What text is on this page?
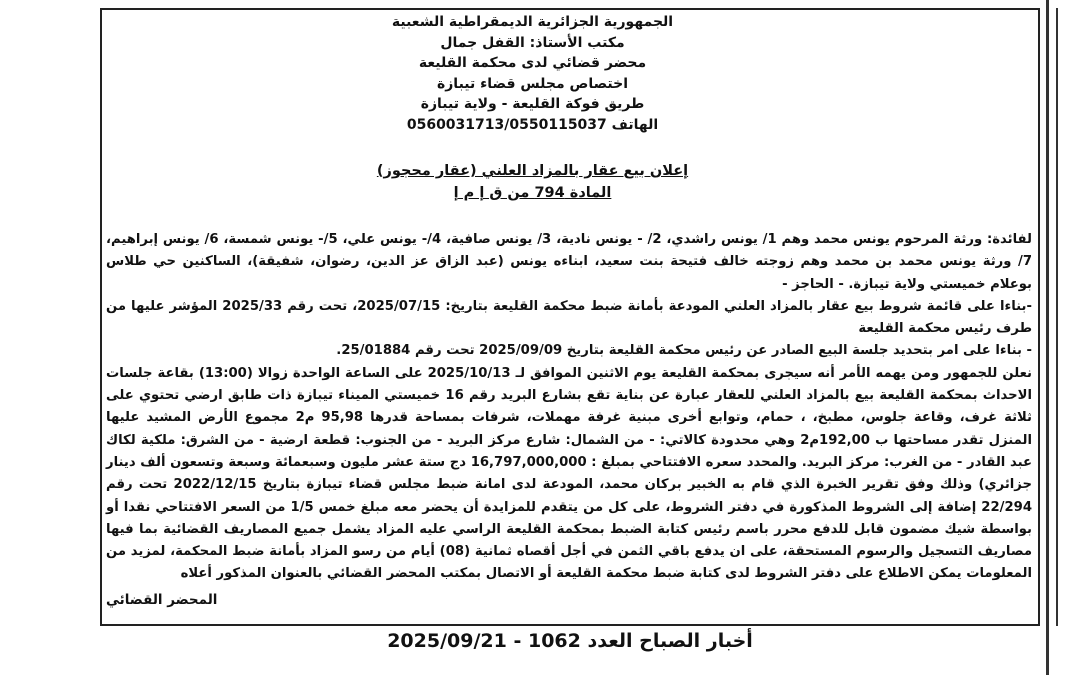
الجمهورية الجزائرية الديمقراطية الشعبية
مكتب الأستاذ: القفل جمال
محضر قضائي لدى محكمة القليعة
اختصاص مجلس قضاء تيبازة
طريق فوكة القليعة - ولاية تيبازة
الهاتف 0560031713/0550115037
إعلان بيع عقار بالمزاد العلني (عقار محجوز)
المادة 794 من ق إ م إ

لفائدة: ورثة المرحوم يونس محمد وهم 1/ يونس راشدي، 2/ - يونس نادية، 3/ يونس صافية، 4/- يونس علي، 5/- يونس شمسة، 6/ يونس إبراهيم، 7/ ورثة يونس محمد بن محمد وهم زوجته خالف فتيحة بنت سعيد، ابناءه يونس (عبد الزاق عز الدين، رضوان، شفيقة)، الساكنين حي طلاس بوعلام خميستي ولاية تيبازة. - الحاجز -

-بناءا على قائمة شروط بيع عقار بالمزاد العلني المودعة بأمانة ضبط محكمة القليعة بتاريخ: 2025/07/15، تحت رقم 2025/33 المؤشر عليها من طرف رئيس محكمة القليعة

- بناءا على امر بتحديد جلسة البيع الصادر عن رئيس محكمة القليعة بتاريخ 2025/09/09 تحت رقم 25/01884.

نعلن للجمهور ومن يهمه الأمر أنه سيجرى بمحكمة القليعة يوم الاثنين الموافق لـ 2025/10/13 على الساعة الواحدة زوالا (13:00) بقاعة جلسات الاحداث بمحكمة القليعة بيع بالمزاد العلني للعقار عبارة عن بناية تقع بشارع البريد رقم 16 خميستي الميناء تيبازة ذات طابق ارضي تحتوي على ثلاثة غرف، وقاعة جلوس، مطبخ، ، حمام، وتوابع أخرى مبنية غرفة مهملات، شرفات بمساحة قدرها 95,98 م2 مجموع الأرض المشيد عليها المنزل تقدر مساحتها ب 192,00م2 وهي محدودة كالاتي: - من الشمال: شارع مركز البريد - من الجنوب: قطعة ارضية - من الشرق: ملكية لكاك عبد القادر - من الغرب: مركز البريد. والمحدد سعره الافتتاحي بمبلغ : 16,797,000,000 دج ستة عشر مليون وسبعمائة وسبعة وتسعون ألف دينار جزائري) وذلك وفق تقرير الخبرة الذي قام به الخبير بركان محمد، المودعة لدى امانة ضبط مجلس قضاء تيبازة بتاريخ 2022/12/15 تحت رقم 22/294 إضافة إلى الشروط المذكورة في دفتر الشروط، على كل من يتقدم للمزايدة أن يحضر معه مبلغ خمس 1/5 من السعر الافتتاحي نقدا أو بواسطة شيك مضمون قابل للدفع محرر باسم رئيس كتابة الضبط بمحكمة القليعة الراسي عليه المزاد يشمل جميع المصاريف القضائية بما فيها مصاريف التسجيل والرسوم المستحقة، على ان يدفع باقي الثمن في أجل أقصاه ثمانية (08) أيام من رسو المزاد بأمانة ضبط المحكمة، لمزيد من المعلومات يمكن الاطلاع على دفتر الشروط لدى كتابة ضبط محكمة القليعة أو الاتصال بمكتب المحضر القضائي بالعنوان المذكور أعلاه

المحضر القضائي
أخبار الصباح العدد 1062 - 2025/09/21
